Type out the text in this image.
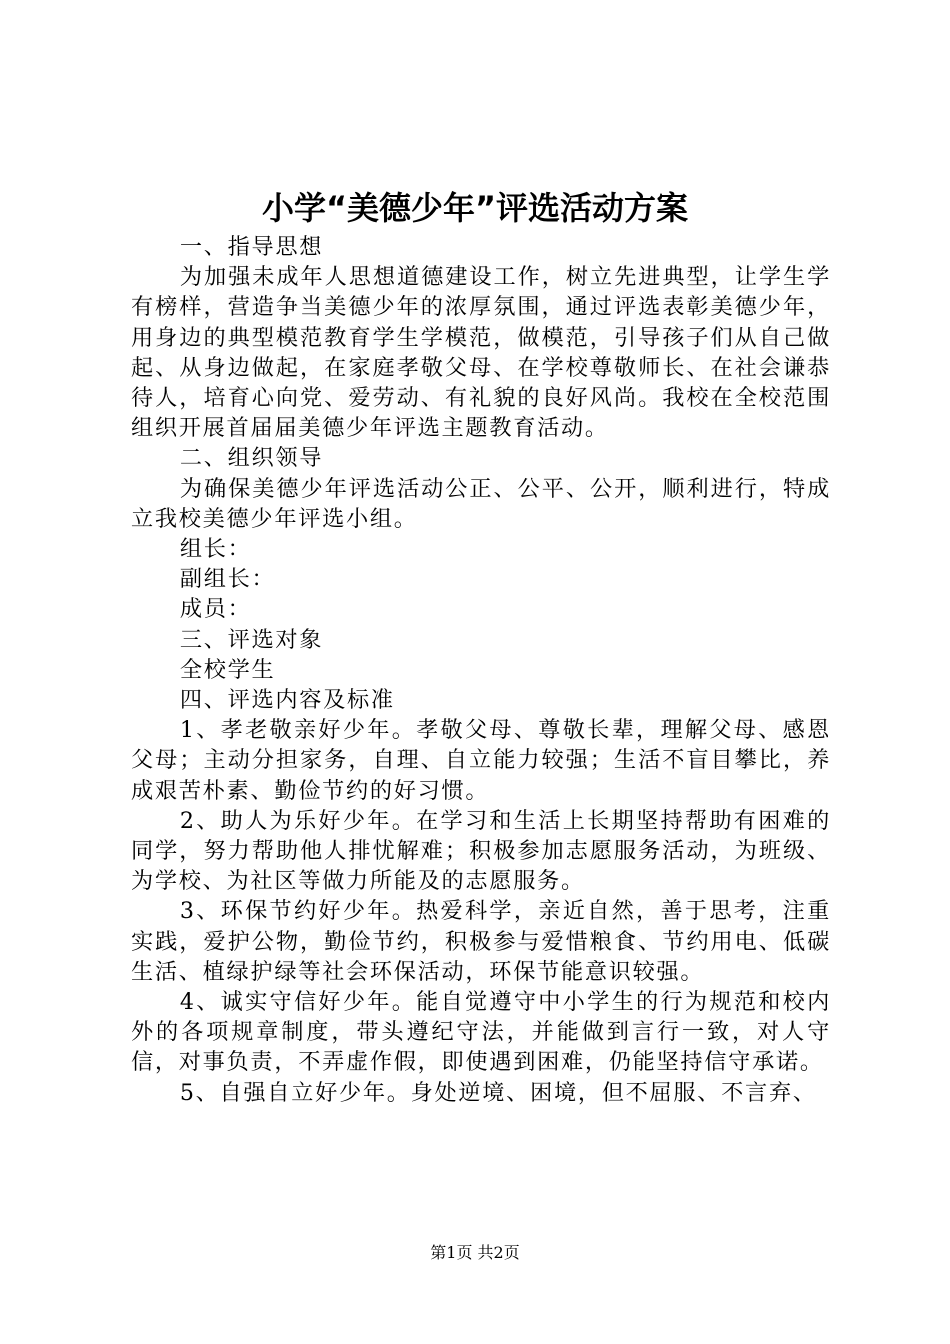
小学“美德少年”评选活动方案

一、指导思想

为加强未成年人思想道德建设工作，树立先进典型，让学生学有榜样，营造争当美德少年的浓厚氛围，通过评选表彰美德少年，用身边的典型模范教育学生学模范，做模范，引导孩子们从自己做起、从身边做起，在家庭孝敬父母、在学校尊敬师长、在社会谦恭待人，培育心向党、爱劳动、有礼貌的良好风尚。我校在全校范围组织开展首届届美德少年评选主题教育活动。

二、组织领导

为确保美德少年评选活动公正、公平、公开，顺利进行，特成立我校美德少年评选小组。

组长：

副组长：

成员：

三、评选对象

全校学生

四、评选内容及标准

1、孝老敬亲好少年。孝敬父母、尊敬长辈，理解父母、感恩父母；主动分担家务，自理、自立能力较强；生活不盲目攀比，养成艰苦朴素、勤俭节约的好习惯。

2、助人为乐好少年。在学习和生活上长期坚持帮助有困难的同学，努力帮助他人排忧解难；积极参加志愿服务活动，为班级、为学校、为社区等做力所能及的志愿服务。

3、环保节约好少年。热爱科学，亲近自然，善于思考，注重实践，爱护公物，勤俭节约，积极参与爱惜粮食、节约用电、低碳生活、植绿护绿等社会环保活动，环保节能意识较强。

4、诚实守信好少年。能自觉遵守中小学生的行为规范和校内外的各项规章制度，带头遵纪守法，并能做到言行一致，对人守信，对事负责，不弄虚作假，即使遇到困难，仍能坚持信守承诺。

5、自强自立好少年。身处逆境、困境，但不屈服、不言弃、

第1页 共2页
